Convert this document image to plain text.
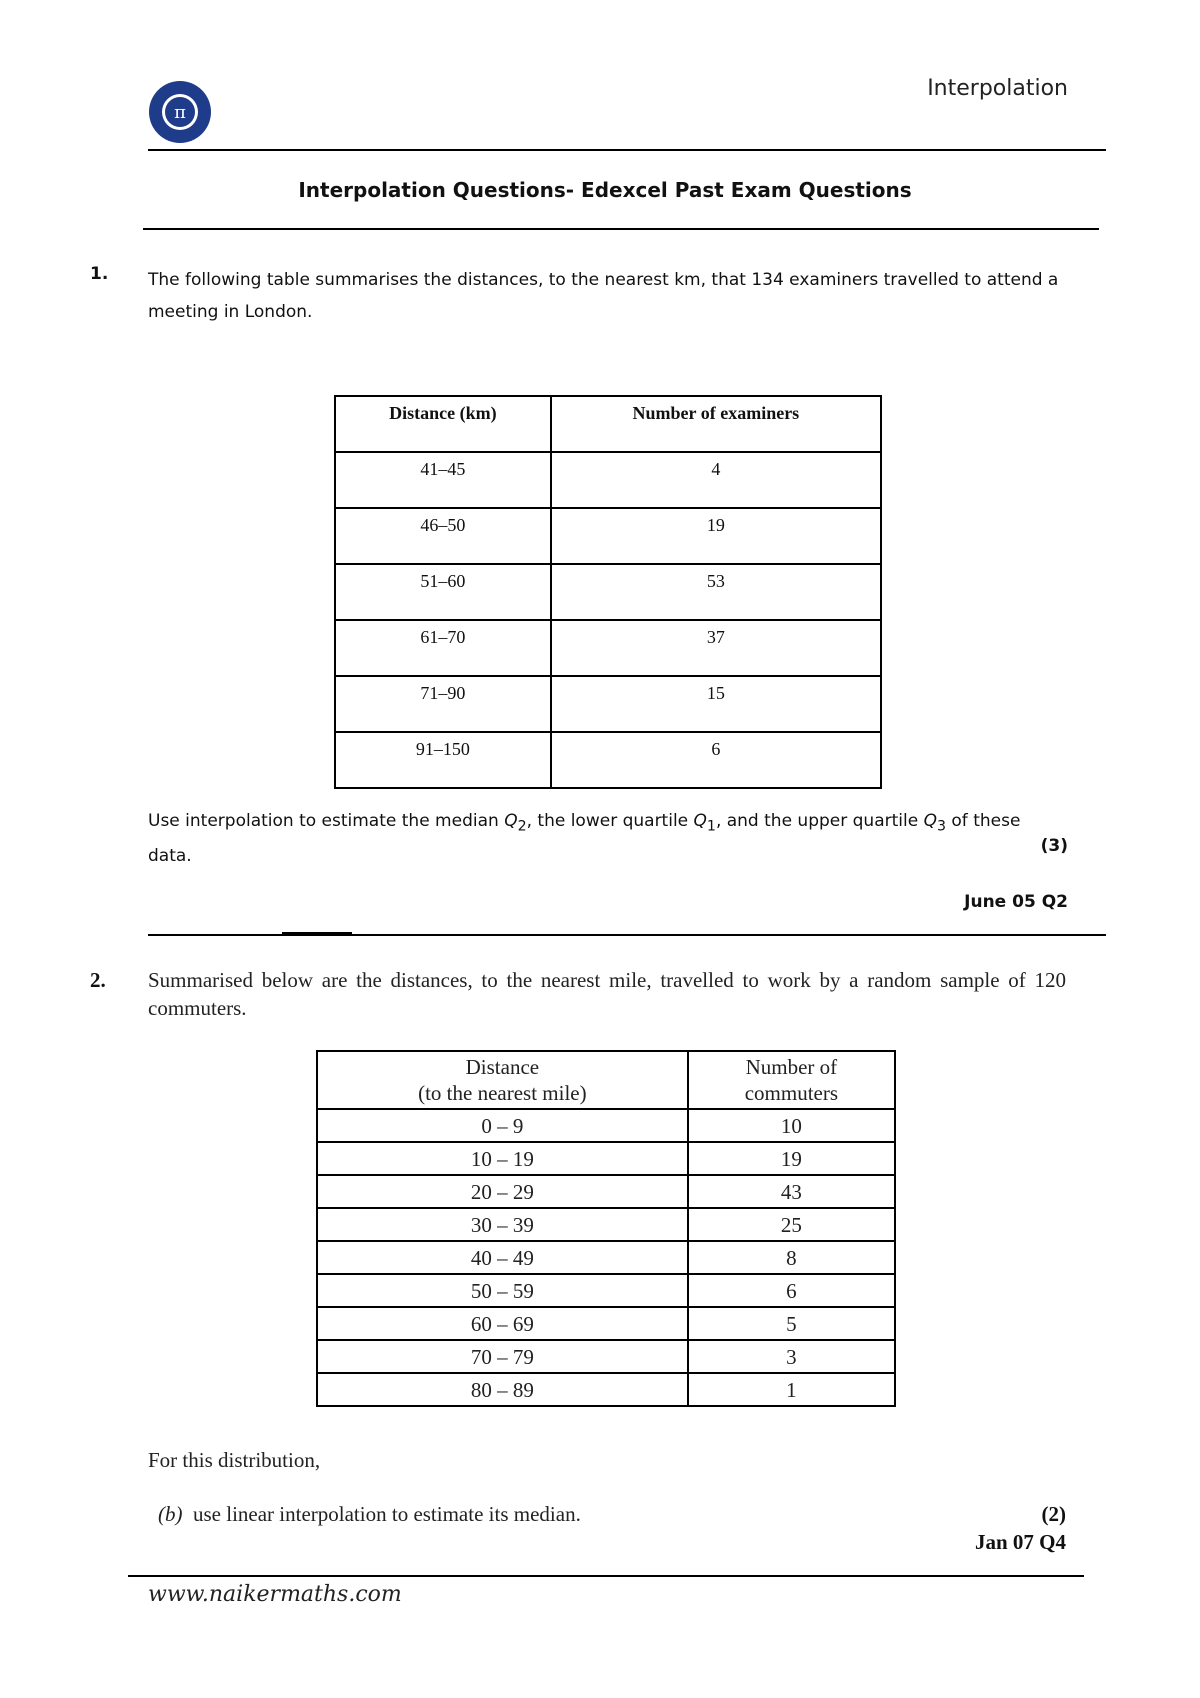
π
Interpolation
Interpolation Questions- Edexcel Past Exam Questions
1. The following table summarises the distances, to the nearest km, that 134 examiners travelled to attend a meeting in London.
Distance (km)	Number of examiners
41–45	4
46–50	19
51–60	53
61–70	37
71–90	15
91–150	6
Use interpolation to estimate the median $Q_2$, the lower quartile $Q_1$, and the upper quartile $Q_3$ of these data.
(3)
June 05 Q2
2. Summarised below are the distances, to the nearest mile, travelled to work by a random sample of 120 commuters.
Distance
(to the nearest mile)	Number of
commuters
0 – 9	10
10 – 19	19
20 – 29	43
30 – 39	25
40 – 49	8
50 – 59	6
60 – 69	5
70 – 79	3
80 – 89	1
For this distribution,
(b) use linear interpolation to estimate its median.	(2)
Jan 07 Q4
www.naikermaths.com
